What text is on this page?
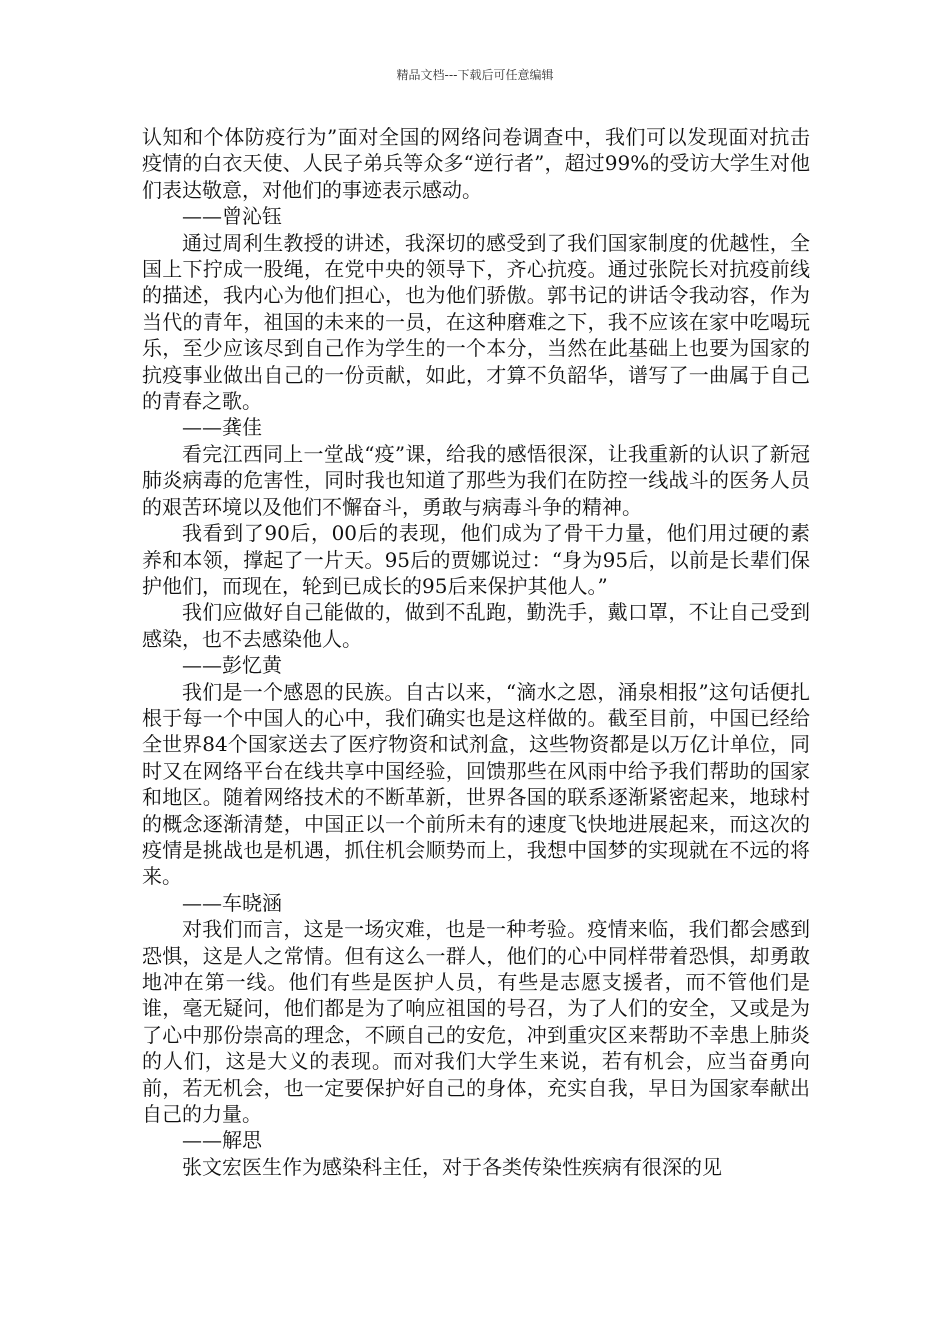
精品文档---下载后可任意编辑

认知和个体防疫行为”面对全国的网络问卷调查中，我们可以发现面对抗击疫情的白衣天使、人民子弟兵等众多“逆行者”，超过99%的受访大学生对他们表达敬意，对他们的事迹表示感动。

——曾沁钰

通过周利生教授的讲述，我深切的感受到了我们国家制度的优越性，全国上下拧成一股绳，在党中央的领导下，齐心抗疫。通过张院长对抗疫前线的描述，我内心为他们担心，也为他们骄傲。郭书记的讲话令我动容，作为当代的青年，祖国的未来的一员，在这种磨难之下，我不应该在家中吃喝玩乐，至少应该尽到自己作为学生的一个本分，当然在此基础上也要为国家的抗疫事业做出自己的一份贡献，如此，才算不负韶华，谱写了一曲属于自己的青春之歌。

——龚佳

看完江西同上一堂战“疫”课，给我的感悟很深，让我重新的认识了新冠肺炎病毒的危害性，同时我也知道了那些为我们在防控一线战斗的医务人员的艰苦环境以及他们不懈奋斗，勇敢与病毒斗争的精神。

我看到了90后，00后的表现，他们成为了骨干力量，他们用过硬的素养和本领，撑起了一片天。95后的贾娜说过：“身为95后，以前是长辈们保护他们，而现在，轮到已成长的95后来保护其他人。”

我们应做好自己能做的，做到不乱跑，勤洗手，戴口罩，不让自己受到感染，也不去感染他人。

——彭忆黄

我们是一个感恩的民族。自古以来，“滴水之恩，涌泉相报”这句话便扎根于每一个中国人的心中，我们确实也是这样做的。截至目前，中国已经给全世界84个国家送去了医疗物资和试剂盒，这些物资都是以万亿计单位，同时又在网络平台在线共享中国经验，回馈那些在风雨中给予我们帮助的国家和地区。随着网络技术的不断革新，世界各国的联系逐渐紧密起来，地球村的概念逐渐清楚，中国正以一个前所未有的速度飞快地进展起来，而这次的疫情是挑战也是机遇，抓住机会顺势而上，我想中国梦的实现就在不远的将来。

——车晓涵

对我们而言，这是一场灾难，也是一种考验。疫情来临，我们都会感到恐惧，这是人之常情。但有这么一群人，他们的心中同样带着恐惧，却勇敢地冲在第一线。他们有些是医护人员，有些是志愿支援者，而不管他们是谁，毫无疑问，他们都是为了响应祖国的号召，为了人们的安全，又或是为了心中那份崇高的理念，不顾自己的安危，冲到重灾区来帮助不幸患上肺炎的人们，这是大义的表现。而对我们大学生来说，若有机会，应当奋勇向前，若无机会，也一定要保护好自己的身体，充实自我，早日为国家奉献出自己的力量。

——解思

张文宏医生作为感染科主任，对于各类传染性疾病有很深的见
